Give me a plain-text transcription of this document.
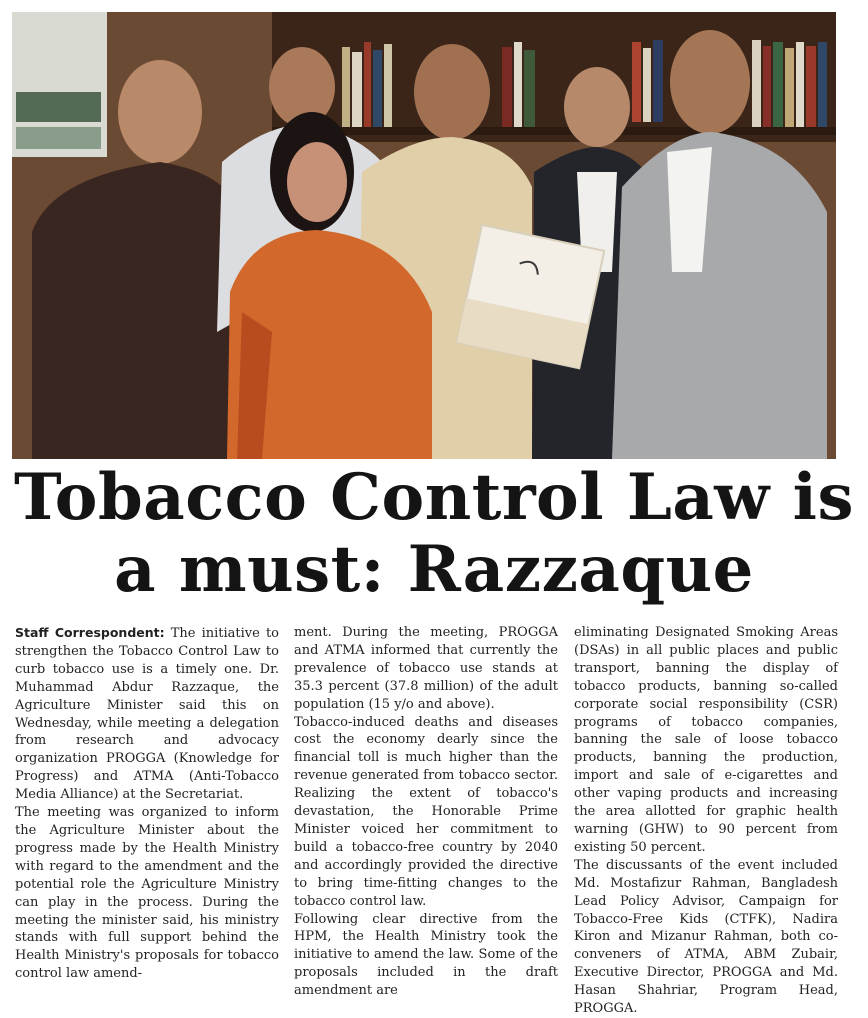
Tobacco Control Law is
a must: Razzaque

Staff Correspondent: The initiative to strengthen the Tobacco Control Law to curb tobacco use is a timely one. Dr. Muhammad Abdur Razzaque, the Agriculture Minister said this on Wednesday, while meeting a delegation from research and advocacy organization PROGGA (Knowledge for Progress) and ATMA (Anti-Tobacco Media Alliance) at the Secretariat.

The meeting was organized to inform the Agriculture Minister about the progress made by the Health Ministry with regard to the amendment and the potential role the Agriculture Ministry can play in the process. During the meeting the minister said, his ministry stands with full support behind the Health Ministry's proposals for tobacco control law amend-

ment. During the meeting, PROGGA and ATMA informed that currently the prevalence of tobacco use stands at 35.3 percent (37.8 million) of the adult population (15 y/o and above).

Tobacco-induced deaths and diseases cost the economy dearly since the financial toll is much higher than the revenue generated from tobacco sector. Realizing the extent of tobacco's devastation, the Honorable Prime Minister voiced her commitment to build a tobacco-free country by 2040 and accordingly provided the directive to bring time-fitting changes to the tobacco control law.

Following clear directive from the HPM, the Health Ministry took the initiative to amend the law. Some of the proposals included in the draft amendment are

eliminating Designated Smoking Areas (DSAs) in all public places and public transport, banning the display of tobacco products, banning so-called corporate social responsibility (CSR) programs of tobacco companies, banning the sale of loose tobacco products, banning the production, import and sale of e-cigarettes and other vaping products and increasing the area allotted for graphic health warning (GHW) to 90 percent from existing 50 percent.

The discussants of the event included Md. Mostafizur Rahman, Bangladesh Lead Policy Advisor, Campaign for Tobacco-Free Kids (CTFK), Nadira Kiron and Mizanur Rahman, both co-conveners of ATMA, ABM Zubair, Executive Director, PROGGA and Md. Hasan Shahriar, Program Head, PROGGA.
